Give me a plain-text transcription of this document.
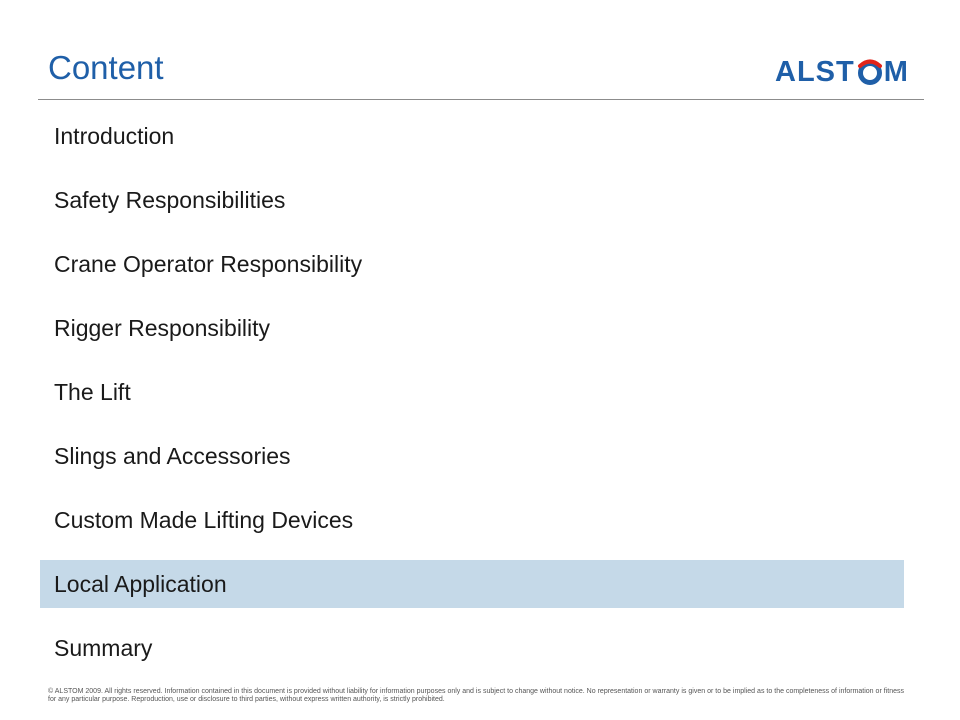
Content	ALST M
Introduction
Safety Responsibilities
Crane Operator Responsibility
Rigger Responsibility
The Lift
Slings and Accessories
Custom Made Lifting Devices
Local Application
Summary

© ALSTOM 2009. All rights reserved. Information contained in this document is provided without liability for information purposes only and is subject to change without notice. No representation or warranty is given or to be implied as to the completeness of information or fitness for any particular purpose. Reproduction, use or disclosure to third parties, without express written authority, is strictly prohibited.
